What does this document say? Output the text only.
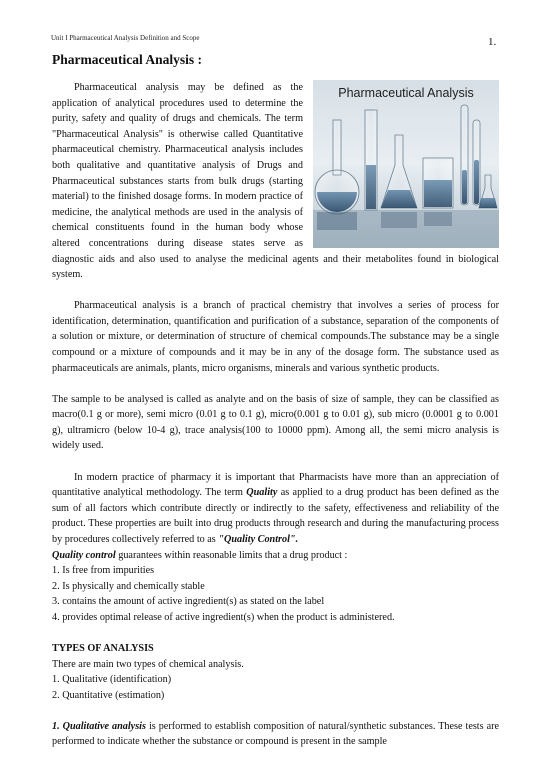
Unit I Pharmaceutical Analysis Definition and Scope	1.
Pharmaceutical Analysis :
Pharmaceutical Analysis

Pharmaceutical analysis may be defined as the application of analytical procedures used to determine the purity, safety and quality of drugs and chemicals. The term "Pharmaceutical Analysis" is otherwise called Quantitative pharmaceutical chemistry. Pharmaceutical analysis includes both qualitative and quantitative analysis of Drugs and Pharmaceutical substances starts from bulk drugs (starting material) to the finished dosage forms. In modern practice of medicine, the analytical methods are used in the analysis of chemical constituents found in the human body whose altered concentrations during disease states serve as diagnostic aids and also used to analyse the medicinal agents and their metabolites found in biological system.

Pharmaceutical analysis is a branch of practical chemistry that involves a series of process for identification, determination, quantification and purification of a substance, separation of the components of a solution or mixture, or determination of structure of chemical compounds.The substance may be a single compound or a mixture of compounds and it may be in any of the dosage form. The substance used as pharmaceuticals are animals, plants, micro organisms, minerals and various synthetic products.

The sample to be analysed is called as analyte and on the basis of size of sample, they can be classified as macro(0.1 g or more), semi micro (0.01 g to 0.1 g), micro(0.001 g to 0.01 g), sub micro (0.0001 g to 0.001 g), ultramicro (below 10-4 g), trace analysis(100 to 10000 ppm). Among all, the semi micro analysis is widely used.

In modern practice of pharmacy it is important that Pharmacists have more than an appreciation of quantitative analytical methodology. The term Quality as applied to a drug product has been defined as the sum of all factors which contribute directly or indirectly to the safety, effectiveness and reliability of the product. These properties are built into drug products through research and during the manufacturing process by procedures collectively referred to as "Quality Control".
Quality control guarantees within reasonable limits that a drug product :

1. Is free from impurities

2. Is physically and chemically stable

3. contains the amount of active ingredient(s) as stated on the label

4. provides optimal release of active ingredient(s) when the product is administered.

TYPES OF ANALYSIS

There are main two types of chemical analysis.

1. Qualitative (identification)

2. Quantitative (estimation)

1. Qualitative analysis is performed to establish composition of natural/synthetic substances. These tests are performed to indicate whether the substance or compound is present in the sample
